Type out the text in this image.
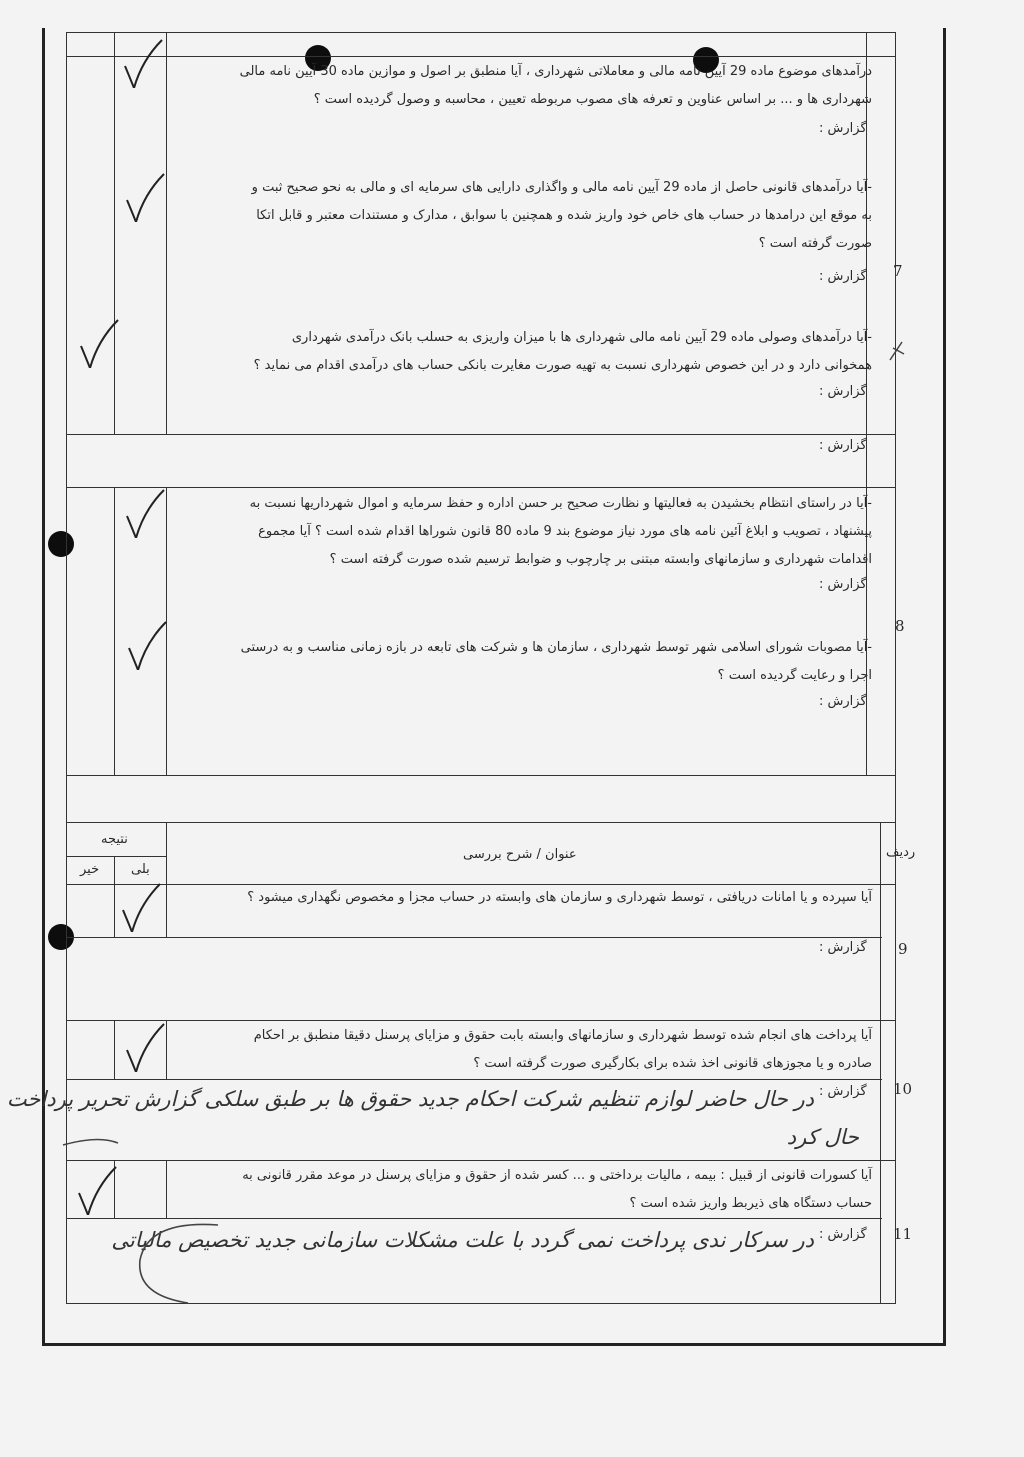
درآمدهای موضوع ماده 29 آیین نامه مالی و معاملاتی شهرداری ، آیا منطبق بر اصول و موازین ماده 30 آیین نامه مالی
شهرداری ها و ... بر اساس عناوین و تعرفه های مصوب مربوطه تعیین ، محاسبه و وصول گردیده است ؟
گزارش :
-آیا درآمدهای قانونی حاصل از ماده 29 آیین نامه مالی و واگذاری دارایی های سرمایه ای و مالی به نحو صحیح ثبت و
به موقع این درامدها در حساب های خاص خود واریز شده و همچنین با سوابق ، مدارک و مستندات معتبر و قابل اتکا
صورت گرفته است ؟
گزارش :
-آیا درآمدهای وصولی ماده 29 آیین نامه مالی شهرداری ها با میزان واریزی به حسلب بانک درآمدی شهرداری
همخوانی دارد و در این خصوص شهرداری نسبت به تهیه صورت مغایرت بانکی حساب های درآمدی اقدام می نماید ؟
گزارش :
7
گزارش :
-آیا در راستای انتظام بخشیدن به فعالیتها و نظارت صحیح بر حسن اداره و حفظ سرمایه و اموال شهرداریها نسبت به
پیشنهاد ، تصویب و ابلاغ آئین نامه های مورد نیاز موضوع بند 9 ماده 80 قانون شوراها اقدام شده است ؟ آیا مجموع
اقدامات شهرداری و سازمانهای وابسته مبتنی بر چارچوب و ضوابط ترسیم شده صورت گرفته است ؟
گزارش :
-آیا مصوبات شورای اسلامی شهر توسط شهرداری ، سازمان ها و شرکت های تابعه در بازه زمانی مناسب و به درستی
اجرا و رعایت گردیده است ؟
گزارش :
8
ردیف
عنوان / شرح بررسی
نتیجه
بلی
خیر
آیا سپرده و یا امانات دریافتی ، توسط شهرداری و سازمان های وابسته در حساب مجزا و مخصوص نگهداری میشود ؟
گزارش : 9
آیا پرداخت های انجام شده توسط شهرداری و سازمانهای وابسته بابت حقوق و مزایای پرسنل دقیقا منطبق بر احکام
صادره و یا مجوزهای قانونی اخذ شده برای بکارگیری صورت گرفته است ؟
گزارش : 10
در حال حاضر لوازم تنظیم شرکت احکام جدید حقوق ها بر طبق سلکی گزارش تحریر پرداخت
حال کرد
آیا کسورات قانونی از قبیل : بیمه ، مالیات برداختی و ... کسر شده از حقوق و مزایای پرسنل در موعد مقرر قانونی به
حساب دستگاه های ذیربط واریز شده است ؟
گزارش : 11
در سرکار ندی پرداخت نمی گردد با علت مشکلات سازمانی جدید تخصیص مالیاتی
